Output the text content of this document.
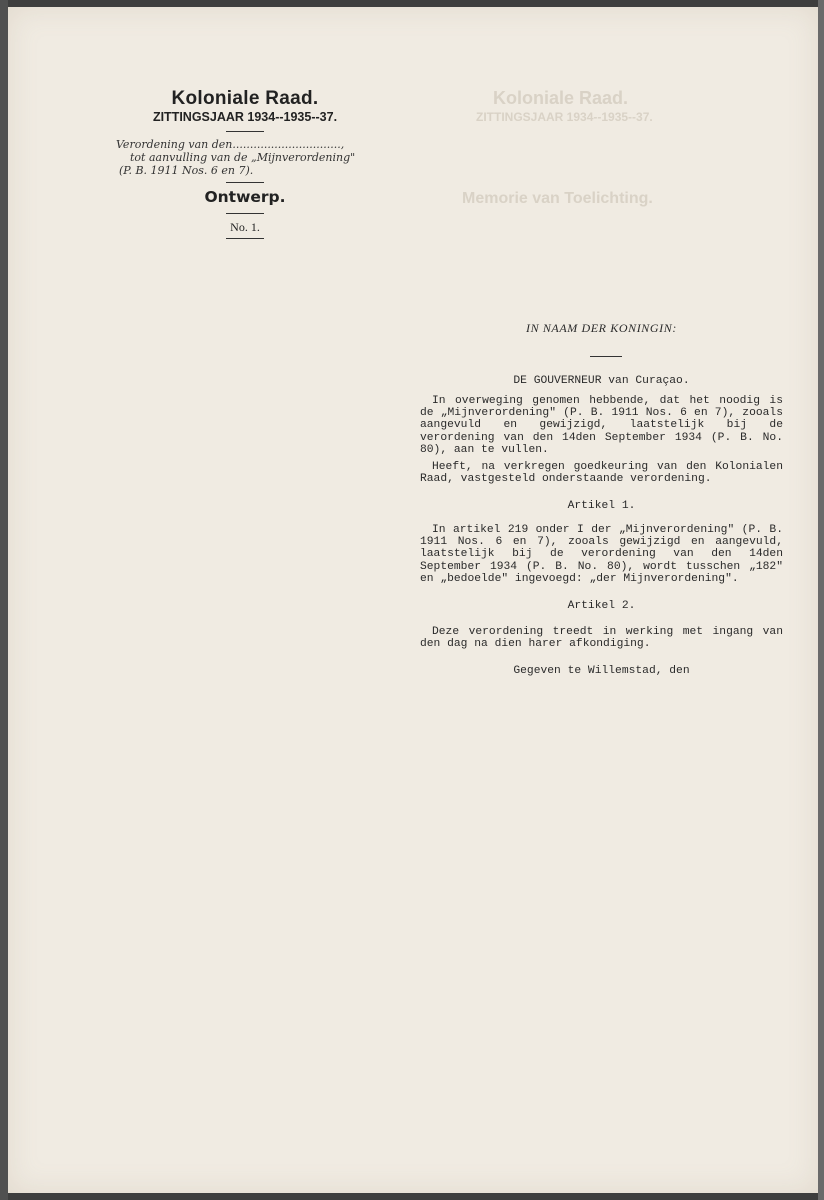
Koloniale Raad.
ZITTINGSJAAR 1934--1935--37.
Memorie van Toelichting.
Koloniale Raad.
ZITTINGSJAAR 1934--1935--37.
Verordening van den...............................,
tot aanvulling van de „Mijnverordening"
(P. B. 1911 Nos. 6 en 7).
Ontwerp.
No. 1.
IN NAAM DER KONINGIN:
DE GOUVERNEUR van Curaçao.
In overweging genomen hebbende, dat het noodig is de „Mijnverordening" (P. B. 1911 Nos. 6 en 7), zooals aangevuld en gewijzigd, laatstelijk bij de verordening van den 14den September 1934 (P. B. No. 80), aan te vullen.
Heeft, na verkregen goedkeuring van den Kolonialen Raad, vastgesteld onderstaande verordening.
Artikel 1.
In artikel 219 onder I der „Mijnverordening" (P. B. 1911 Nos. 6 en 7), zooals gewijzigd en aangevuld, laatstelijk bij de verordening van den 14den September 1934 (P. B. No. 80), wordt tusschen „182" en „bedoelde" ingevoegd: „der Mijnverordening".
Artikel 2.
Deze verordening treedt in werking met ingang van den dag na dien harer afkondiging.
Gegeven te Willemstad, den
